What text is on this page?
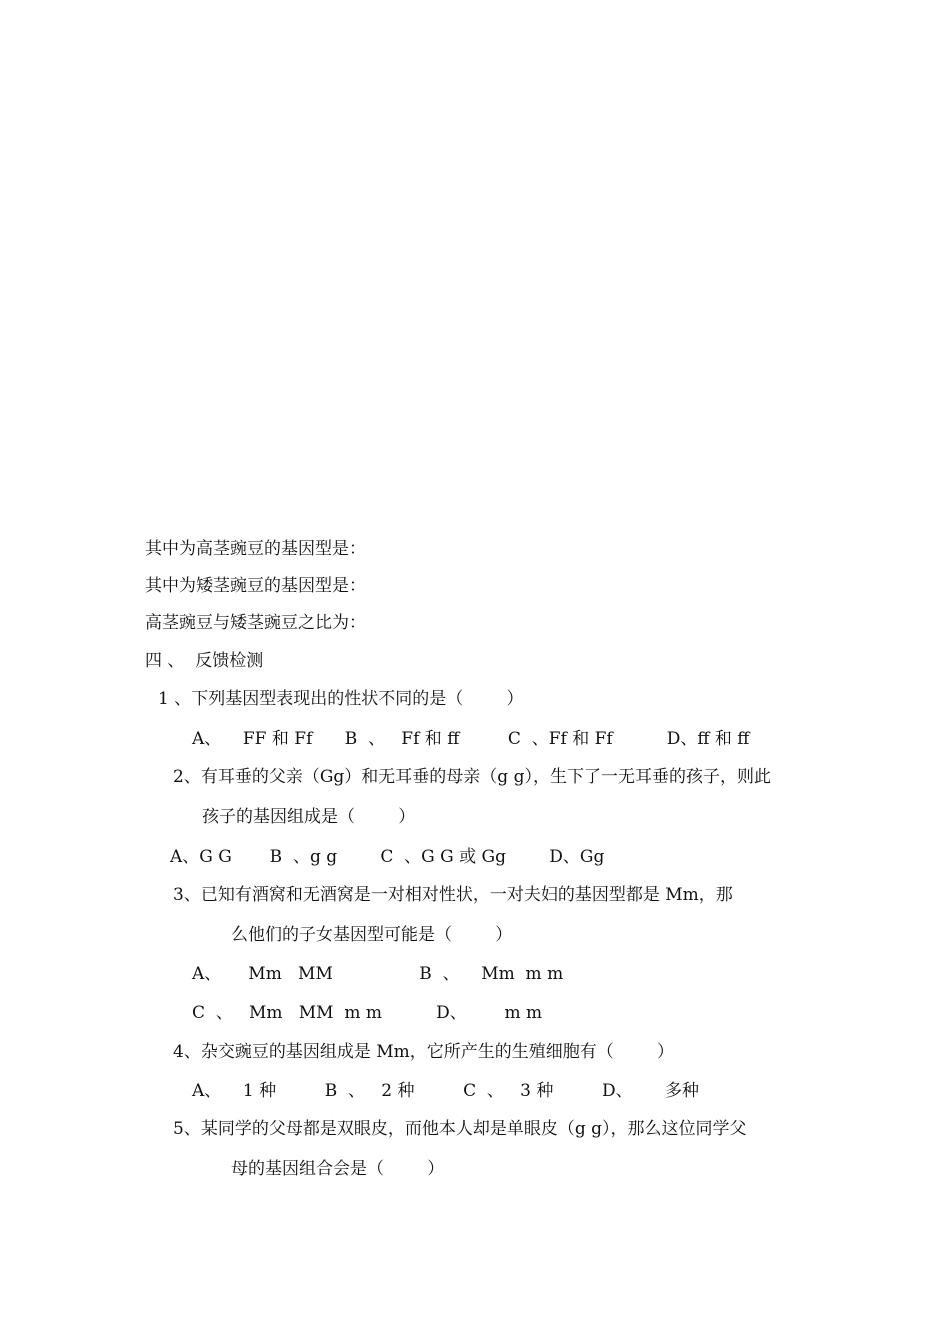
其中为高茎豌豆的基因型是：
其中为矮茎豌豆的基因型是：
高茎豌豆与矮茎豌豆之比为：
四 、  反馈检测
1 、下列基因型表现出的性状不同的是（        ）
A、    FF 和 Ff      B  、   Ff 和 ff         C  、Ff 和 Ff          D、ff 和 ff
2、有耳垂的父亲（Gg）和无耳垂的母亲（g g），生下了一无耳垂的孩子，则此
孩子的基因组成是（        ）
A、G G       B  、g g        C  、G G 或 Gg        D、Gg
3、已知有酒窝和无酒窝是一对相对性状，一对夫妇的基因型都是 Mm，那
么他们的子女基因型可能是（        ）
A、     Mm   MM                B  、    Mm  m m
C  、   Mm   MM  m m          D、       m m
4、杂交豌豆的基因组成是 Mm，它所产生的生殖细胞有（        ）
A、    1 种         B  、   2 种         C  、   3 种         D、      多种
5、某同学的父母都是双眼皮，而他本人却是单眼皮（g g），那么这位同学父
母的基因组合会是（        ）
